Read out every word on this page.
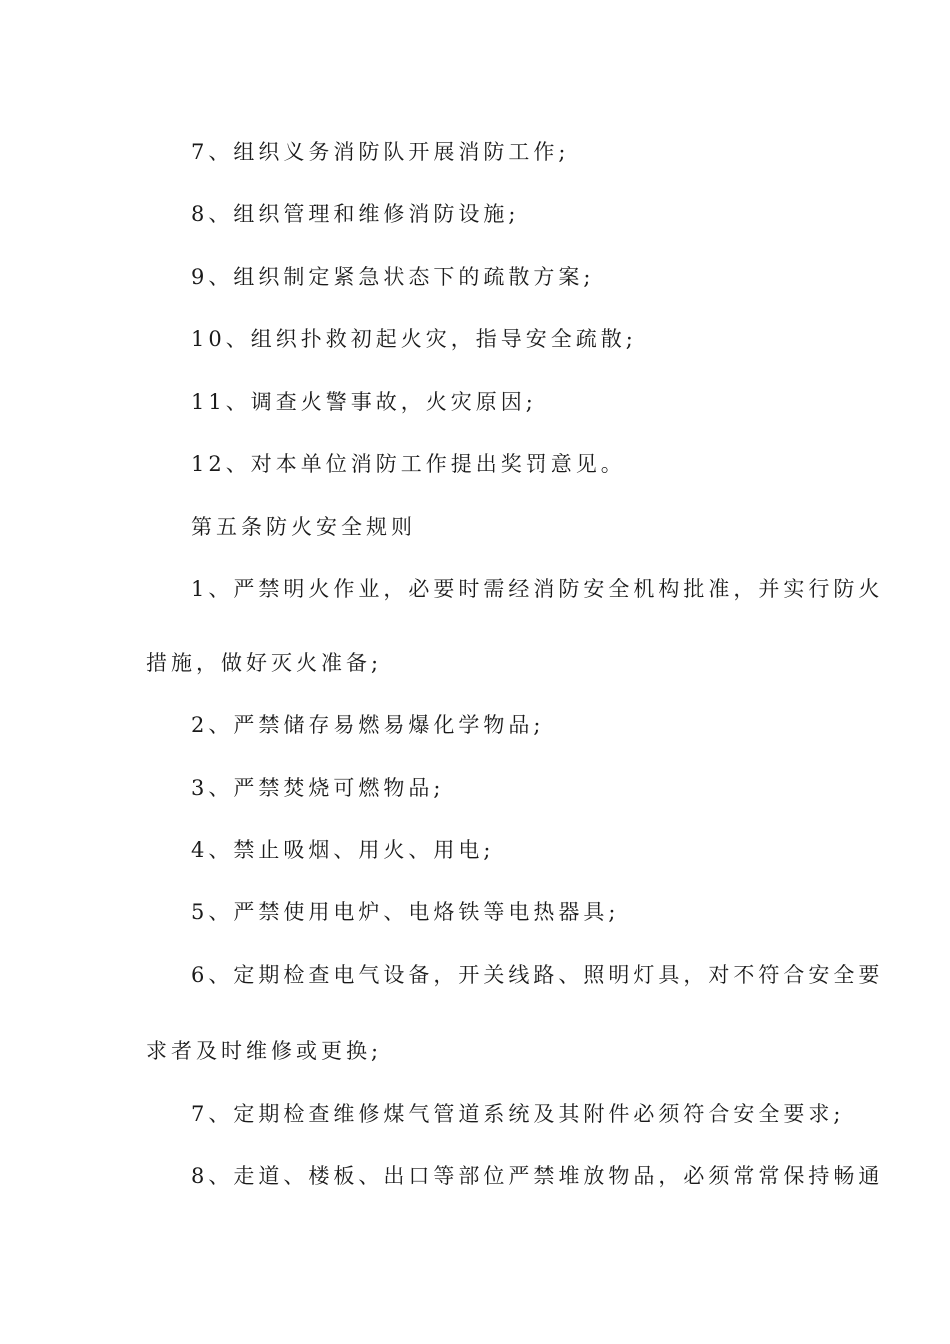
7、组织义务消防队开展消防工作;
8、组织管理和维修消防设施;
9、组织制定紧急状态下的疏散方案;
10、组织扑救初起火灾，指导安全疏散;
11、调查火警事故，火灾原因;
12、对本单位消防工作提出奖罚意见。
第五条防火安全规则
1、严禁明火作业，必要时需经消防安全机构批准，并实行防火
措施，做好灭火准备;
2、严禁储存易燃易爆化学物品;
3、严禁焚烧可燃物品;
4、禁止吸烟、用火、用电;
5、严禁使用电炉、电烙铁等电热器具;
6、定期检查电气设备，开关线路、照明灯具，对不符合安全要
求者及时维修或更换;
7、定期检查维修煤气管道系统及其附件必须符合安全要求;
8、走道、楼板、出口等部位严禁堆放物品，必须常常保持畅通
